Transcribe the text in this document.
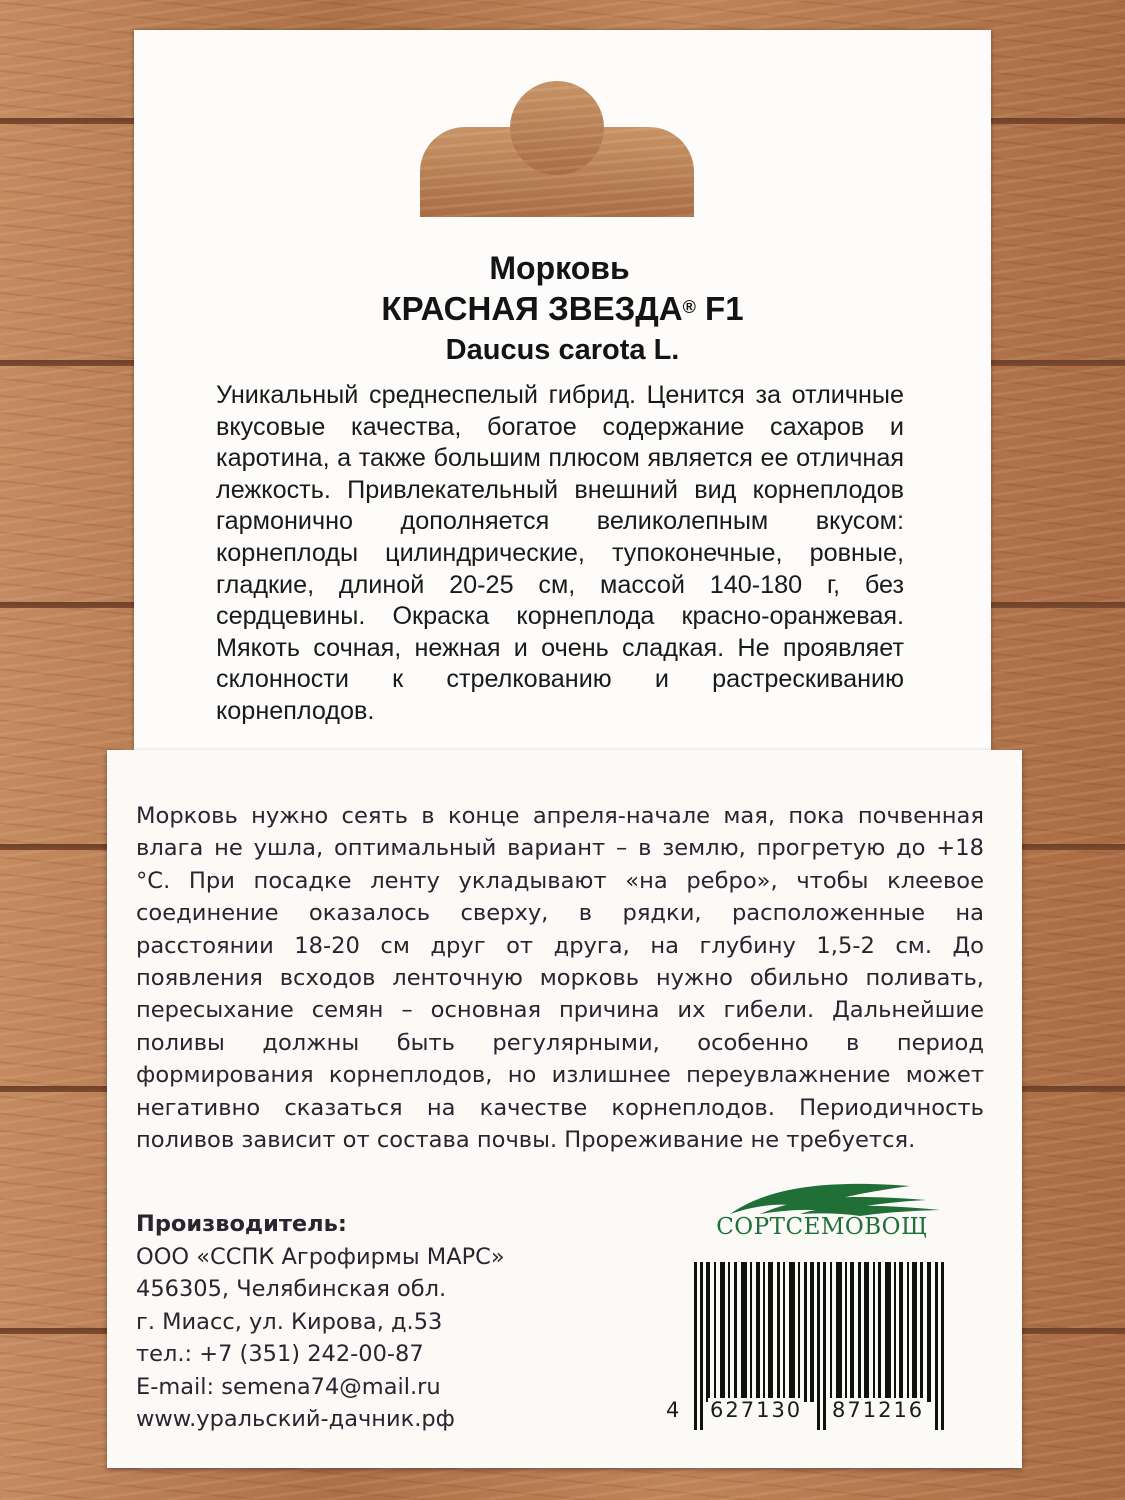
Морковь
КРАСНАЯ ЗВЕЗДА® F1
Daucus carota L.
Уникальный среднеспелый гибрид. Ценится за отличные вкусовые качества, богатое содержание сахаров и каротина, а также большим плюсом является ее отличная лежкость. Привлекательный внешний вид корнеплодов гармонично дополняется великолепным вкусом: корнеплоды цилиндрические, тупоконечные, ровные, гладкие, длиной 20-25 см, массой 140-180 г, без сердцевины. Окраска корнеплода красно-оранжевая. Мякоть сочная, нежная и очень сладкая. Не проявляет склонности к стрелкованию и растрескиванию корнеплодов.
Морковь нужно сеять в конце апреля-начале мая, пока почвенная влага не ушла, оптимальный вариант – в землю, прогретую до +18 °С. При посадке ленту укладывают «на ребро», чтобы клеевое соединение оказалось сверху, в рядки, расположенные на расстоянии 18-20 см друг от друга, на глубину 1,5-2 см. До появления всходов ленточную морковь нужно обильно поливать, пересыхание семян – основная причина их гибели. Дальнейшие поливы должны быть регулярными, особенно в период формирования корнеплодов, но излишнее переувлажнение может негативно сказаться на качестве корнеплодов. Периодичность поливов зависит от состава почвы. Прореживание не требуется.
Производитель:
ООО «ССПК Агрофирмы МАРС»
456305, Челябинская обл.
г. Миасс, ул. Кирова, д.53
тел.: +7 (351) 242-00-87
E-mail: semena74@mail.ru
www.уральский-дачник.рф
СОРТСЕМОВОЩ
4 627130 871216
